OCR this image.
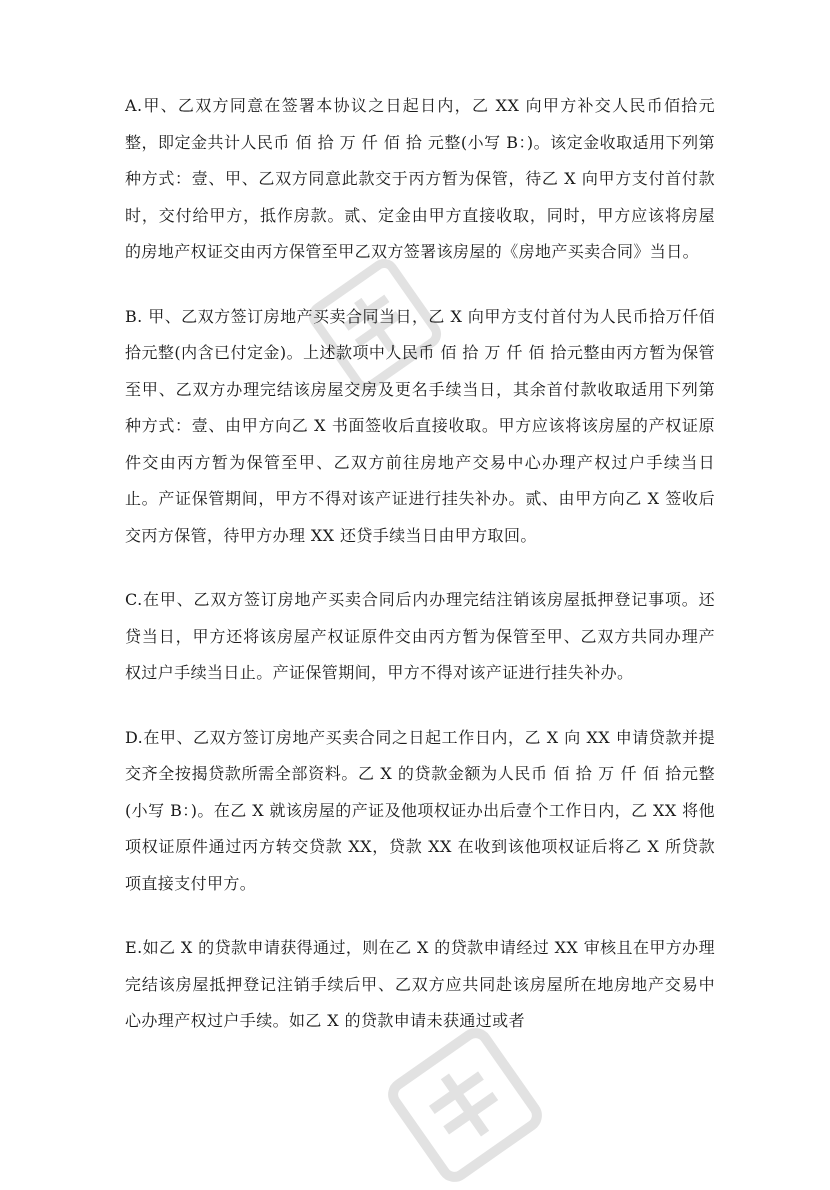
A.甲、乙双方同意在签署本协议之日起日内，乙 XX 向甲方补交人民币佰拾元整，即定金共计人民币 佰 拾 万 仟 佰 拾 元整(小写 B：)。该定金收取适用下列第种方式：壹、甲、乙双方同意此款交于丙方暂为保管，待乙 X 向甲方支付首付款时，交付给甲方，抵作房款。贰、定金由甲方直接收取，同时，甲方应该将房屋的房地产权证交由丙方保管至甲乙双方签署该房屋的《房地产买卖合同》当日。

B. 甲、乙双方签订房地产买卖合同当日，乙 X 向甲方支付首付为人民币拾万仟佰拾元整(内含已付定金)。上述款项中人民币 佰 拾 万 仟 佰 拾元整由丙方暂为保管至甲、乙双方办理完结该房屋交房及更名手续当日，其余首付款收取适用下列第种方式：壹、由甲方向乙 X 书面签收后直接收取。甲方应该将该房屋的产权证原件交由丙方暂为保管至甲、乙双方前往房地产交易中心办理产权过户手续当日止。产证保管期间，甲方不得对该产证进行挂失补办。贰、由甲方向乙 X 签收后交丙方保管，待甲方办理 XX 还贷手续当日由甲方取回。

C.在甲、乙双方签订房地产买卖合同后内办理完结注销该房屋抵押登记事项。还贷当日，甲方还将该房屋产权证原件交由丙方暂为保管至甲、乙双方共同办理产权过户手续当日止。产证保管期间，甲方不得对该产证进行挂失补办。

D.在甲、乙双方签订房地产买卖合同之日起工作日内，乙 X 向 XX 申请贷款并提交齐全按揭贷款所需全部资料。乙 X 的贷款金额为人民币 佰 拾 万 仟 佰 拾元整(小写 B：)。在乙 X 就该房屋的产证及他项权证办出后壹个工作日内，乙 XX 将他项权证原件通过丙方转交贷款 XX，贷款 XX 在收到该他项权证后将乙 X 所贷款项直接支付甲方。

E.如乙 X 的贷款申请获得通过，则在乙 X 的贷款申请经过 XX 审核且在甲方办理完结该房屋抵押登记注销手续后甲、乙双方应共同赴该房屋所在地房地产交易中心办理产权过户手续。如乙 X 的贷款申请未获通过或者
